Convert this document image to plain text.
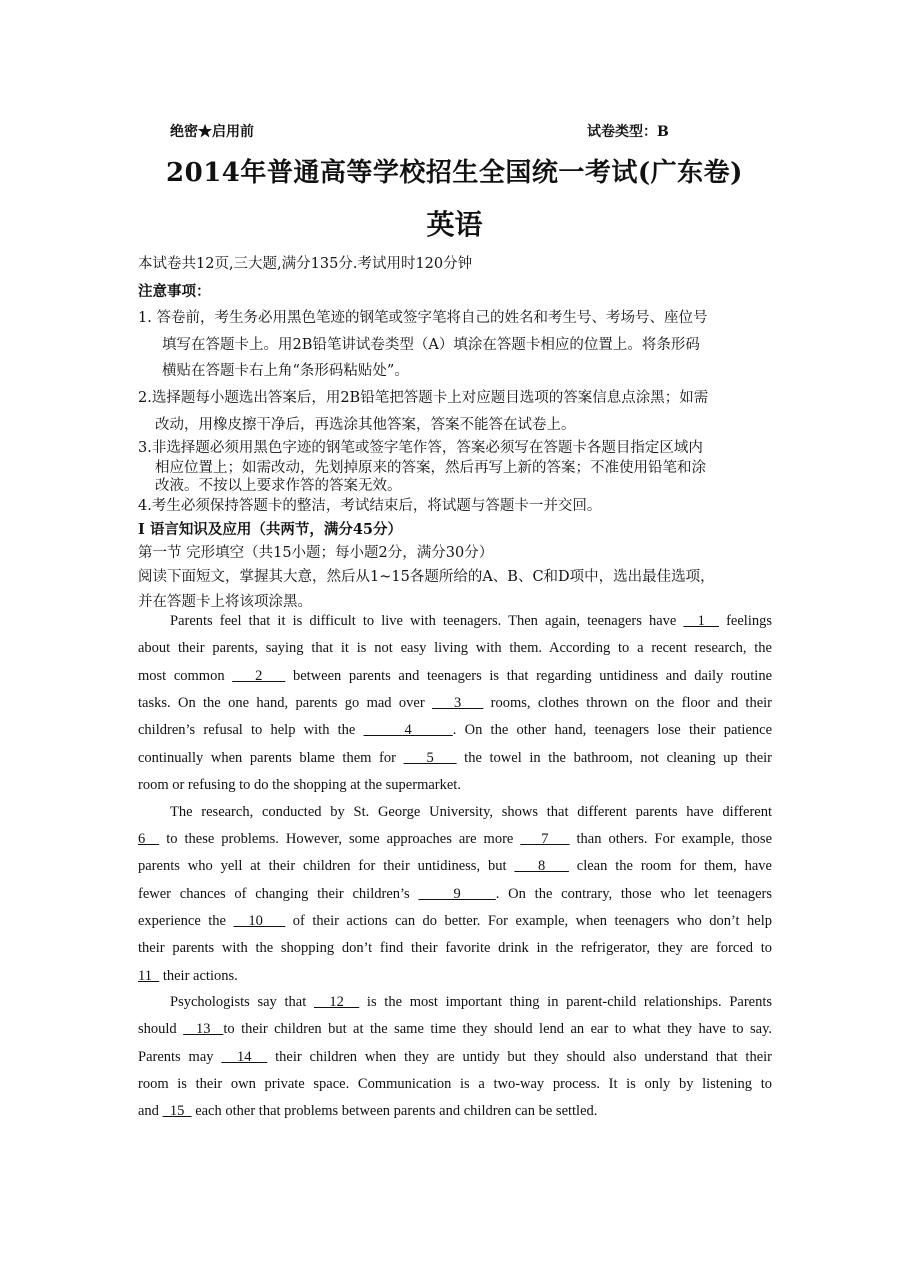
绝密★启用前	试卷类型：B
2014年普通高等学校招生全国统一考试(广东卷)
英语
本试卷共12页,三大题,满分135分.考试用时120分钟
注意事项：
1. 答卷前，考生务必用黑色笔迹的钢笔或签字笔将自己的姓名和考生号、考场号、座位号
填写在答题卡上。用2B铅笔讲试卷类型（A）填涂在答题卡相应的位置上。将条形码
横贴在答题卡右上角“条形码粘贴处”。
2.选择题每小题选出答案后，用2B铅笔把答题卡上对应题目选项的答案信息点涂黑；如需
改动，用橡皮擦干净后，再选涂其他答案，答案不能答在试卷上。
3.非选择题必须用黑色字迹的钢笔或签字笔作答，答案必须写在答题卡各题目指定区域内
相应位置上；如需改动，先划掉原来的答案，然后再写上新的答案；不准使用铅笔和涂
改液。不按以上要求作答的答案无效。
4.考生必须保持答题卡的整洁，考试结束后，将试题与答题卡一并交回。
I 语言知识及应用（共两节，满分45分）
第一节 完形填空（共15小题；每小题2分，满分30分）
阅读下面短文，掌握其大意，然后从1~15各题所给的A、B、C和D项中，选出最佳选项，
并在答题卡上将该项涂黑。
Parents feel that it is difficult to live with teenagers. Then again, teenagers have   1   feelings
about their parents, saying that it is not easy living with them. According to a recent research, the
most common    2    between parents and teenagers is that regarding untidiness and daily routine
tasks. On the one hand, parents go mad over    3    rooms, clothes thrown on the floor and their
children’s refusal to help with the      4     . On the other hand, teenagers lose their patience
continually when parents blame them for    5    the towel in the bathroom, not cleaning up their
room or refusing to do the shopping at the supermarket.
The research, conducted by St. George University, shows that different parents have different
6   to these problems. However, some approaches are more    7    than others. For example, those
parents who yell at their children for their untidiness, but    8    clean the room for them, have
fewer chances of changing their children’s     9    . On the contrary, those who let teenagers
experience the   10    of their actions can do better. For example, when teenagers who don’t help
their parents with the shopping don’t find their favorite drink in the refrigerator, they are forced to
11   their actions.
Psychologists say that   12   is the most important thing in parent-child relationships. Parents
should   13  to their children but at the same time they should lend an ear to what they have to say.
Parents may   14   their children when they are untidy but they should also understand that their
room is their own private space. Communication is a two-way process. It is only by listening to
and   15   each other that problems between parents and children can be settled.
